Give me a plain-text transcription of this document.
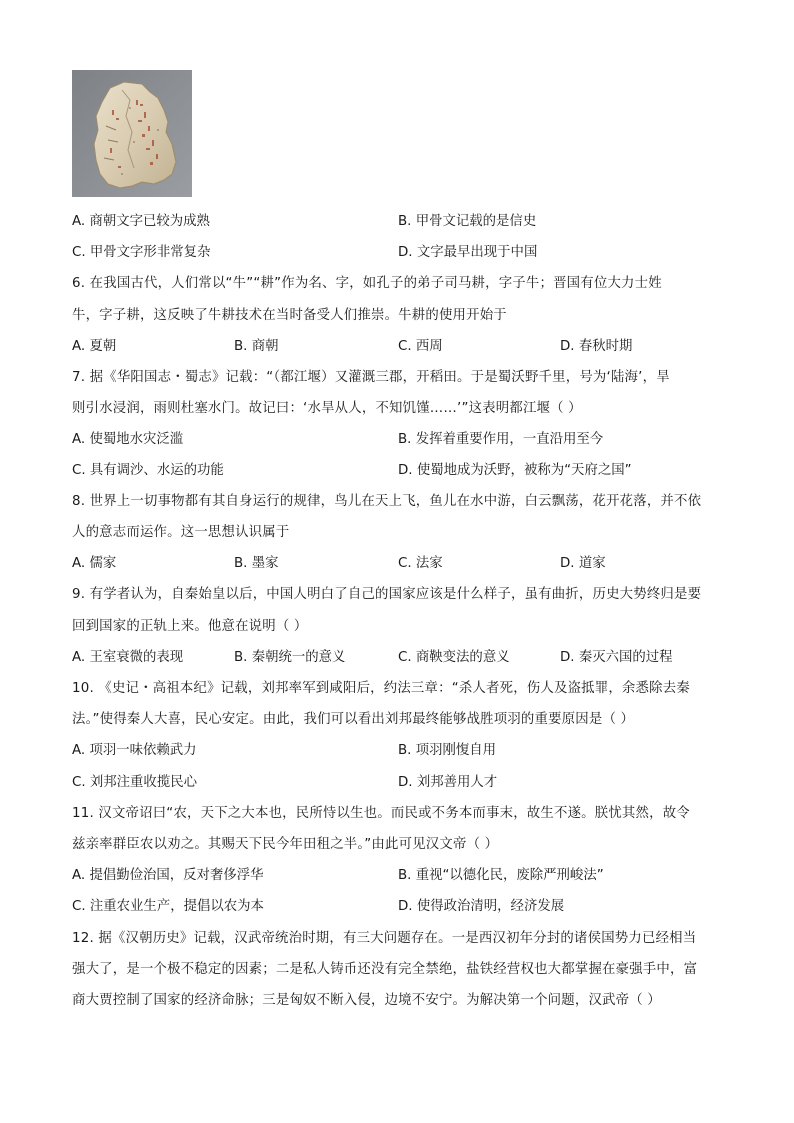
A. 商朝文字已较为成熟	B. 甲骨文记载的是信史
C. 甲骨文字形非常复杂	D. 文字最早出现于中国
6. 在我国古代，人们常以“牛”“耕”作为名、字，如孔子的弟子司马耕，字子牛；晋国有位大力士姓
牛，字子耕，这反映了牛耕技术在当时备受人们推崇。牛耕的使用开始于
A. 夏朝	B. 商朝	C. 西周	D. 春秋时期
7. 据《华阳国志・蜀志》记载：“（都江堰）又灌溉三郡，开稻田。于是蜀沃野千里，号为‘陆海’，旱
则引水浸润，雨则杜塞水门。故记曰：‘水旱从人，不知饥馑……’”这表明都江堰（ ）
A. 使蜀地水灾泛滥	B. 发挥着重要作用，一直沿用至今
C. 具有调沙、水运的功能	D. 使蜀地成为沃野，被称为“天府之国”
8. 世界上一切事物都有其自身运行的规律，鸟儿在天上飞，鱼儿在水中游，白云飘荡，花开花落，并不依
人的意志而运作。这一思想认识属于
A. 儒家	B. 墨家	C. 法家	D. 道家
9. 有学者认为，自秦始皇以后，中国人明白了自己的国家应该是什么样子，虽有曲折，历史大势终归是要
回到国家的正轨上来。他意在说明（ ）
A. 王室衰微的表现	B. 秦朝统一的意义	C. 商鞅变法的意义	D. 秦灭六国的过程
10. 《史记・高祖本纪》记载，刘邦率军到咸阳后，约法三章：“杀人者死，伤人及盗抵罪，余悉除去秦
法。”使得秦人大喜，民心安定。由此，我们可以看出刘邦最终能够战胜项羽的重要原因是（ ）
A. 项羽一味依赖武力	B. 项羽刚愎自用
C. 刘邦注重收揽民心	D. 刘邦善用人才
11. 汉文帝诏曰“农，天下之大本也，民所恃以生也。而民或不务本而事末，故生不遂。朕忧其然，故令
兹亲率群臣农以劝之。其赐天下民今年田租之半。”由此可见汉文帝（ ）
A. 提倡勤俭治国，反对奢侈浮华	B. 重视“以德化民，废除严刑峻法”
C. 注重农业生产，提倡以农为本	D. 使得政治清明，经济发展
12. 据《汉朝历史》记载，汉武帝统治时期，有三大问题存在。一是西汉初年分封的诸侯国势力已经相当
强大了，是一个极不稳定的因素；二是私人铸币还没有完全禁绝，盐铁经营权也大都掌握在豪强手中，富
商大贾控制了国家的经济命脉；三是匈奴不断入侵，边境不安宁。为解决第一个问题，汉武帝（ ）
